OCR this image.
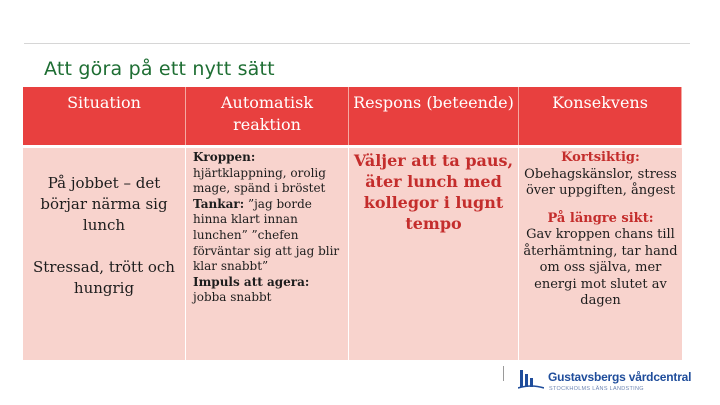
Att göra på ett nytt sätt
Situation	Automatisk reaktion
Respons (beteende)	Konsekvens
På jobbet – det börjar närma sig lunch
Stressad, trött och hungrig
Kroppen: hjärtklappning, orolig mage, spänd i bröstet
Tankar: ”jag borde hinna klart innan lunchen” ”chefen förväntar sig att jag blir klar snabbt”
Impuls att agera: jobba snabbt
Väljer att ta paus, äter lunch med kollegor i lugnt tempo
Kortsiktig:
Obehagskänslor, stress över uppgiften, ångest
På längre sikt:
Gav kroppen chans till återhämtning, tar hand om oss själva, mer energi mot slutet av dagen
Gustavsbergs vårdcentral
STOCKHOLMS LÄNS LANDSTING
